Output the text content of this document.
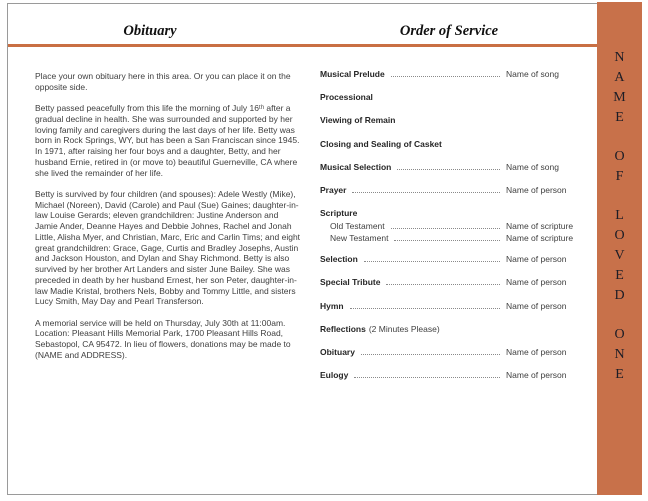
Obituary	Order of Service

Place your own obituary here in this area. Or you can place it on the opposite side.

Betty passed peacefully from this life the morning of July 16ᵗʰ after a gradual decline in health. She was surrounded and supported by her loving family and caregivers during the last days of her life. Betty was born in Rock Springs, WY, but has been a San Franciscan since 1945. In 1971, after raising her four boys and a daughter, Betty, and her husband Ernie, retired in (or move to) beautiful Guerneville, CA where she lived the remainder of her life.

Betty is survived by four children (and spouses): Adele Westly (Mike), Michael (Noreen), David (Carole) and Paul (Sue) Gaines; daughter-in-law Louise Gerards; eleven grandchildren: Justine Anderson and Jamie Ander, Deanne Hayes and Debbie Johnes, Rachel and Jonah Little, Alisha Myer, and Christian, Marc, Eric and Carlin Tims; and eight great grandchildren: Grace, Gage, Curtis and Bradley Josephs, Austin and Jackson Houston, and Dylan and Shay Richmond. Betty is also survived by her brother Art Landers and sister June Bailey. She was preceded in death by her husband Ernest, her son Peter, daughter-in-law Madie Kristal, brothers Nels, Bobby and Tommy Little, and sisters Lucy Smith, May Day and Pearl Transferson.

A memorial service will be held on Thursday, July 30th at 11:00am. Location: Pleasant Hills Memorial Park, 1700 Pleasant Hills Road, Sebastopol, CA 95472. In lieu of flowers, donations may be made to (NAME and ADDRESS).

Musical Prelude	Name of song
Processional
Viewing of Remain
Closing and Sealing of Casket
Musical Selection	Name of song
Prayer	Name of person
Scripture
Old Testament	Name of scripture
New Testament	Name of scripture
Selection	Name of person
Special Tribute	Name of person
Hymn	Name of person
Reflections (2 Minutes Please)
Obituary	Name of person
Eulogy	Name of person
N
A
M
E
O
F
L
O
V
E
D
O
N
E
